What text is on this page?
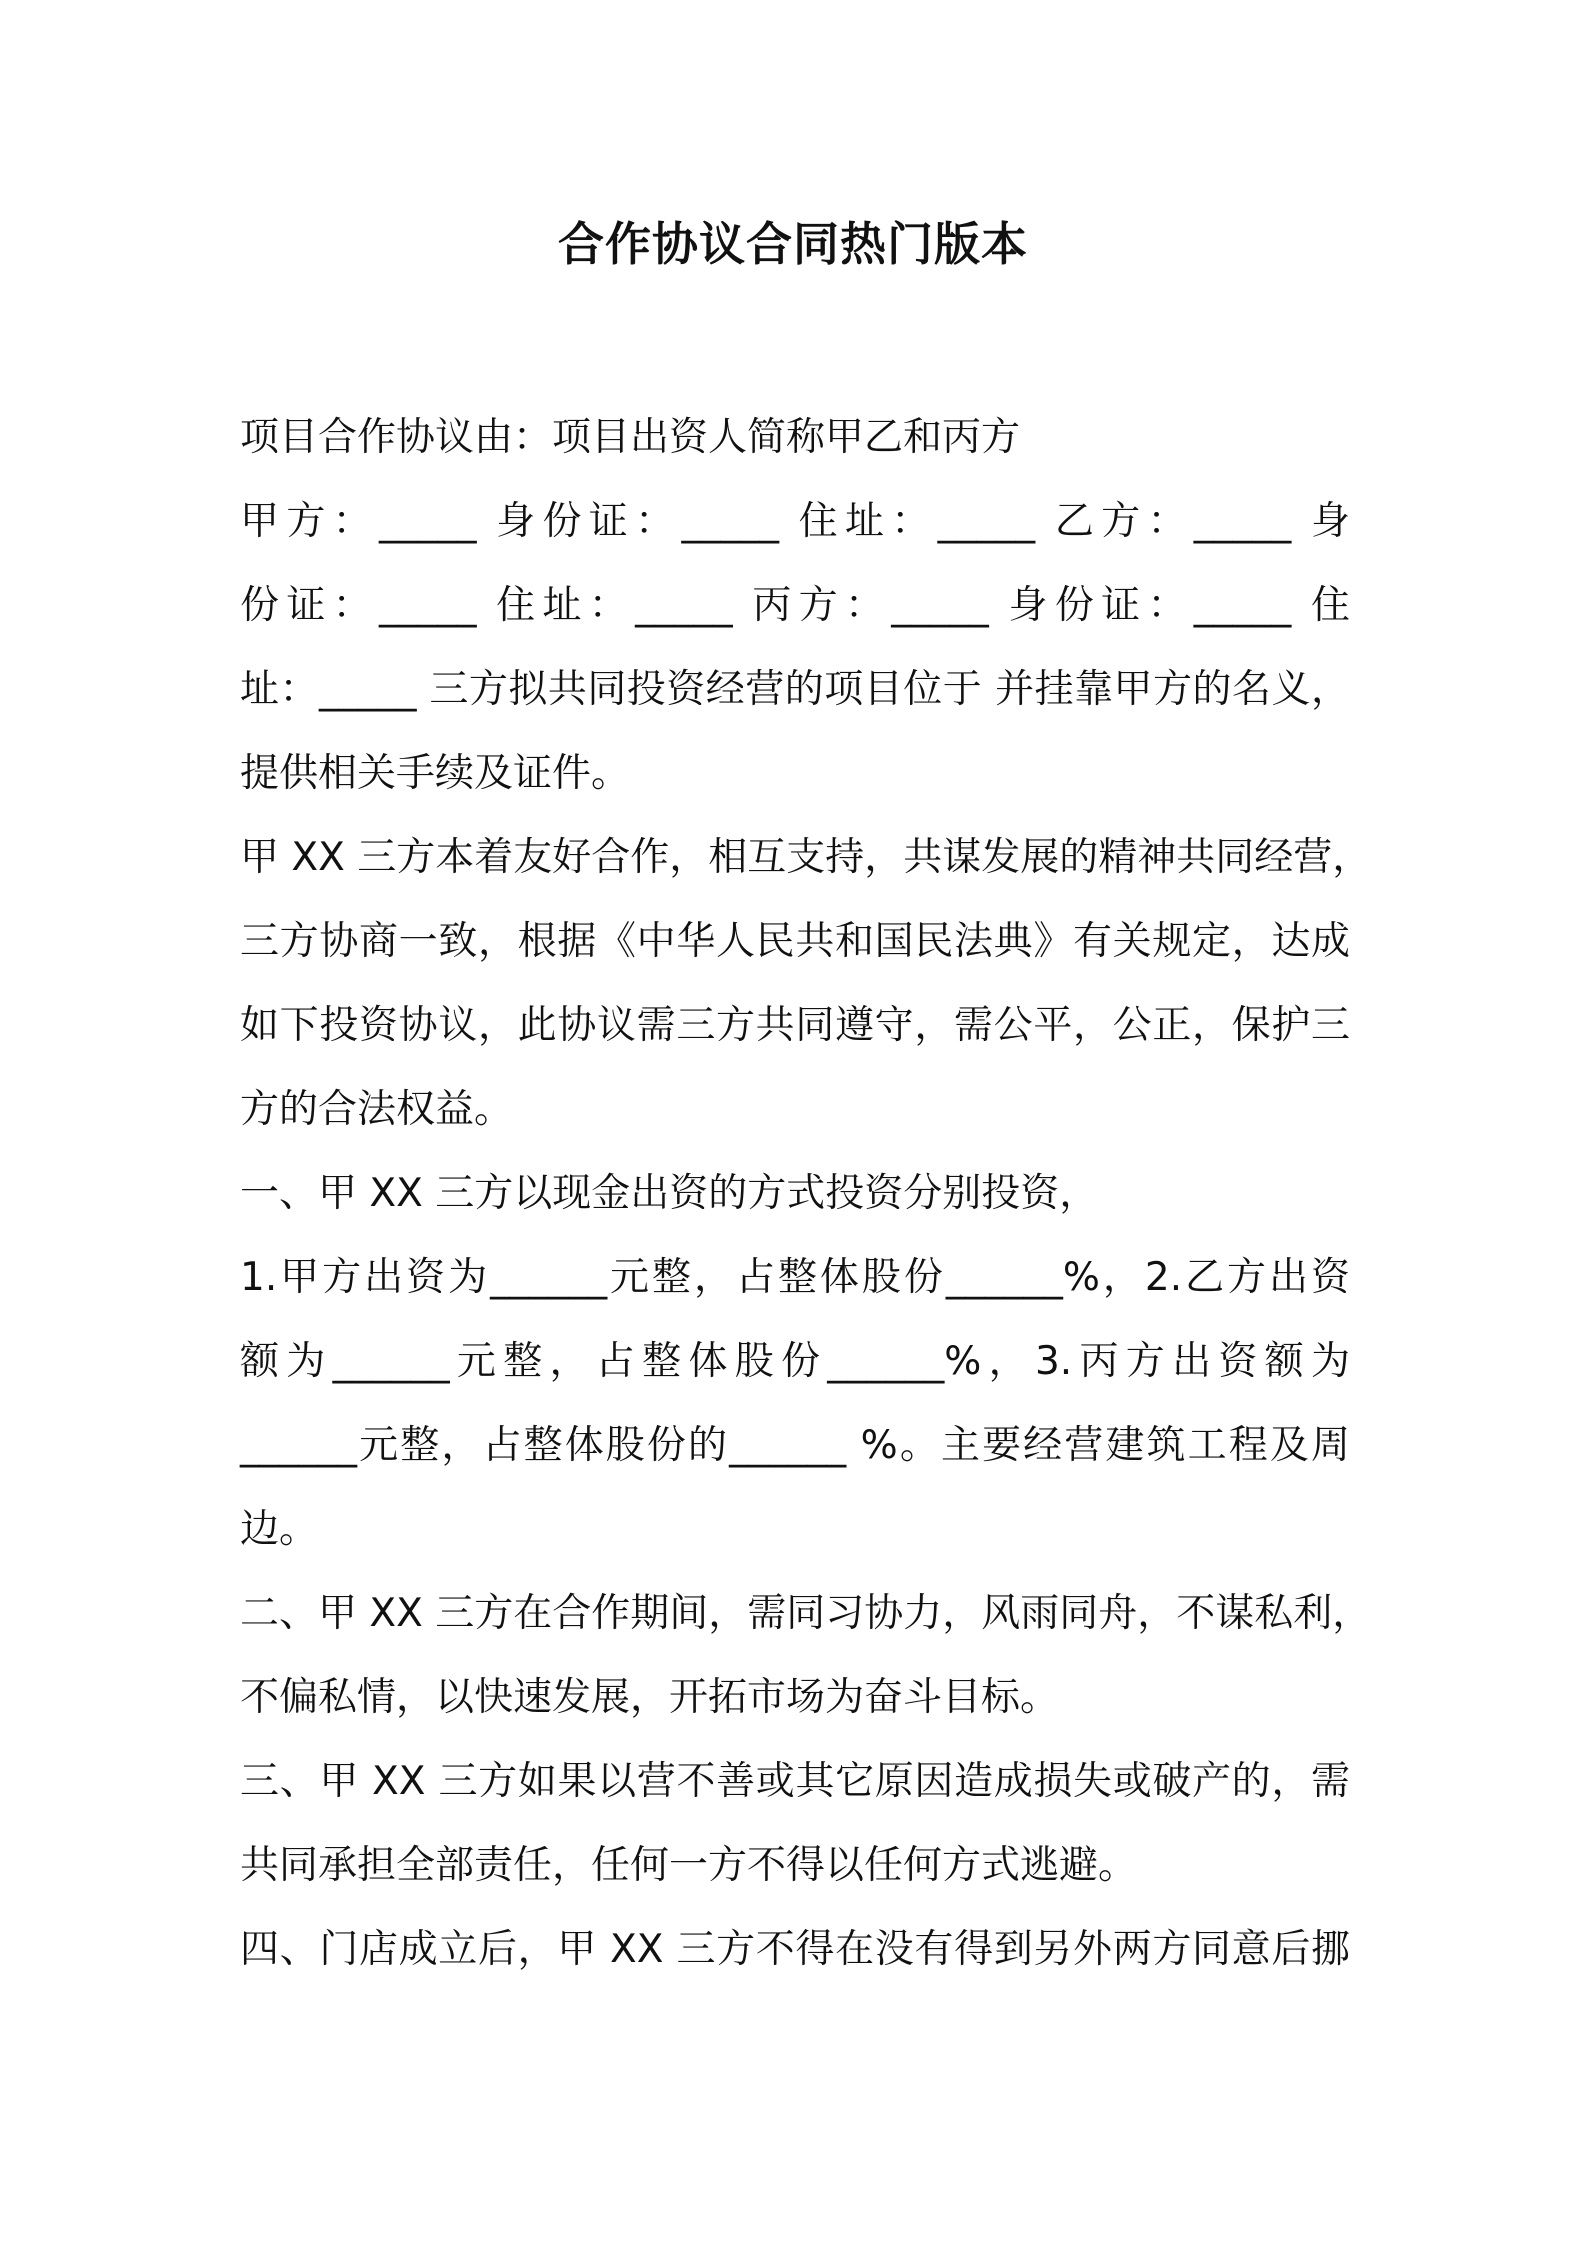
合作协议合同热门版本
项目合作协议由：项目出资人简称甲乙和丙方
甲方：_____ 身份证：_____ 住址：_____ 乙方：_____ 身
份证：_____ 住址：_____ 丙方：_____ 身份证：_____ 住
址：_____ 三方拟共同投资经营的项目位于 并挂靠甲方的名义，
提供相关手续及证件。
甲 XX 三方本着友好合作，相互支持，共谋发展的精神共同经营，
三方协商一致，根据《中华人民共和国民法典》有关规定，达成
如下投资协议，此协议需三方共同遵守，需公平，公正，保护三
方的合法权益。
一、甲 XX 三方以现金出资的方式投资分别投资，
1.甲方出资为______元整，占整体股份______%，2.乙方出资
额为______元整，占整体股份______%，3.丙方出资额为
______元整，占整体股份的______ %。主要经营建筑工程及周
边。
二、甲 XX 三方在合作期间，需同习协力，风雨同舟，不谋私利，
不偏私情，以快速发展，开拓市场为奋斗目标。
三、甲 XX 三方如果以营不善或其它原因造成损失或破产的，需
共同承担全部责任，任何一方不得以任何方式逃避。
四、门店成立后，甲 XX 三方不得在没有得到另外两方同意后挪
